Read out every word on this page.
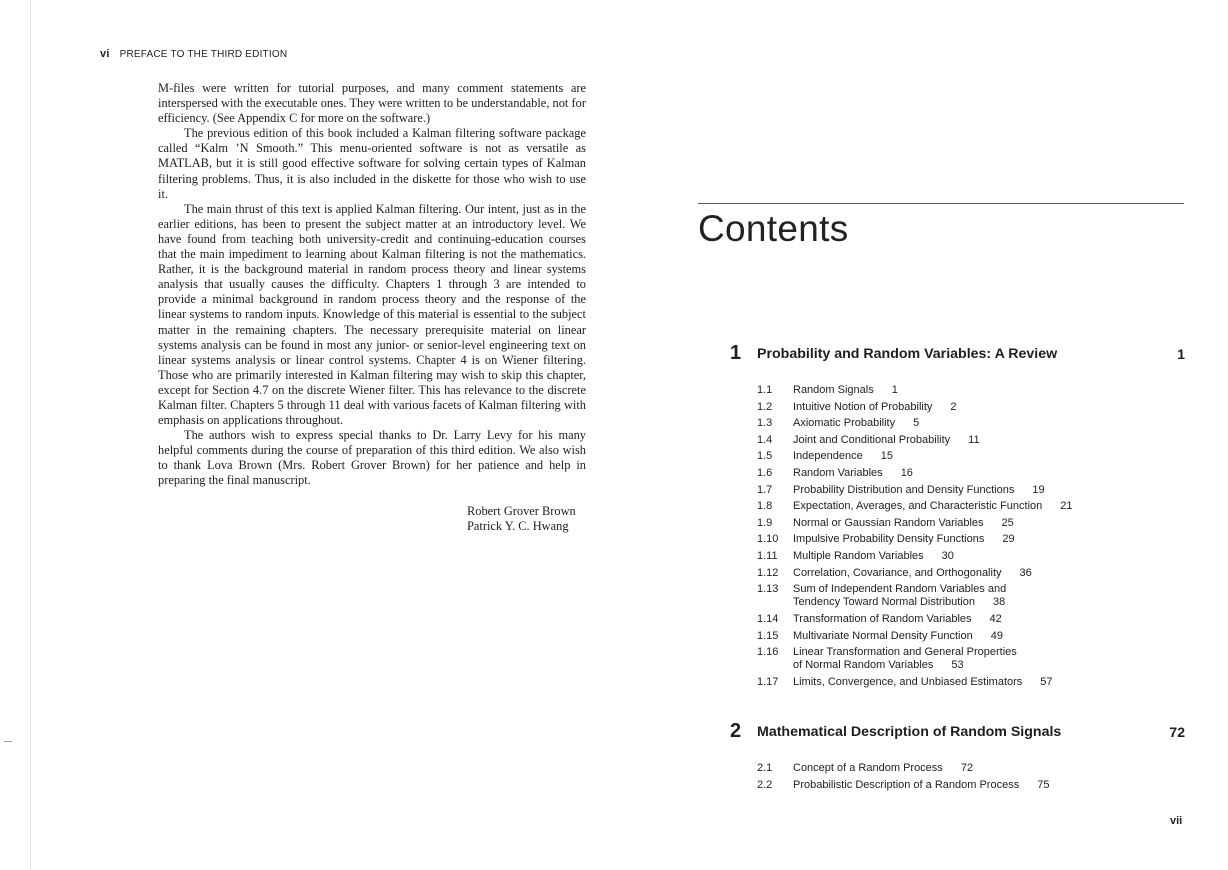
vi PREFACE TO THE THIRD EDITION

M-files were written for tutorial purposes, and many comment statements are interspersed with the executable ones. They were written to be understandable, not for efficiency. (See Appendix C for more on the software.)

The previous edition of this book included a Kalman filtering software package called “Kalm ’N Smooth.” This menu-oriented software is not as versatile as MATLAB, but it is still good effective software for solving certain types of Kalman filtering problems. Thus, it is also included in the diskette for those who wish to use it.

The main thrust of this text is applied Kalman filtering. Our intent, just as in the earlier editions, has been to present the subject matter at an introductory level. We have found from teaching both university-credit and continuing-education courses that the main impediment to learning about Kalman filtering is not the mathematics. Rather, it is the background material in random process theory and linear systems analysis that usually causes the difficulty. Chapters 1 through 3 are intended to provide a minimal background in random process theory and the response of the linear systems to random inputs. Knowledge of this material is essential to the subject matter in the remaining chapters. The necessary prerequisite material on linear systems analysis can be found in most any junior- or senior-level engineering text on linear systems analysis or linear control systems. Chapter 4 is on Wiener filtering. Those who are primarily interested in Kalman filtering may wish to skip this chapter, except for Section 4.7 on the discrete Wiener filter. This has relevance to the discrete Kalman filter. Chapters 5 through 11 deal with various facets of Kalman filtering with emphasis on applications throughout.

The authors wish to express special thanks to Dr. Larry Levy for his many helpful comments during the course of preparation of this third edition. We also wish to thank Lova Brown (Mrs. Robert Grover Brown) for her patience and help in preparing the final manuscript.

Robert Grover Brown
Patrick Y. C. Hwang
Contents
1 Probability and Random Variables: A Review	1
1.1 Random Signals 1
1.2 Intuitive Notion of Probability 2
1.3 Axiomatic Probability 5
1.4 Joint and Conditional Probability 11
1.5 Independence 15
1.6 Random Variables 16
1.7 Probability Distribution and Density Functions 19
1.8 Expectation, Averages, and Characteristic Function 21
1.9 Normal or Gaussian Random Variables 25
1.10 Impulsive Probability Density Functions 29
1.11 Multiple Random Variables 30
1.12 Correlation, Covariance, and Orthogonality 36
1.13 Sum of Independent Random Variables and
Tendency Toward Normal Distribution 38
1.14 Transformation of Random Variables 42
1.15 Multivariate Normal Density Function 49
1.16 Linear Transformation and General Properties
of Normal Random Variables 53
1.17 Limits, Convergence, and Unbiased Estimators 57
2 Mathematical Description of Random Signals	72
2.1 Concept of a Random Process 72
2.2 Probabilistic Description of a Random Process 75
vii
